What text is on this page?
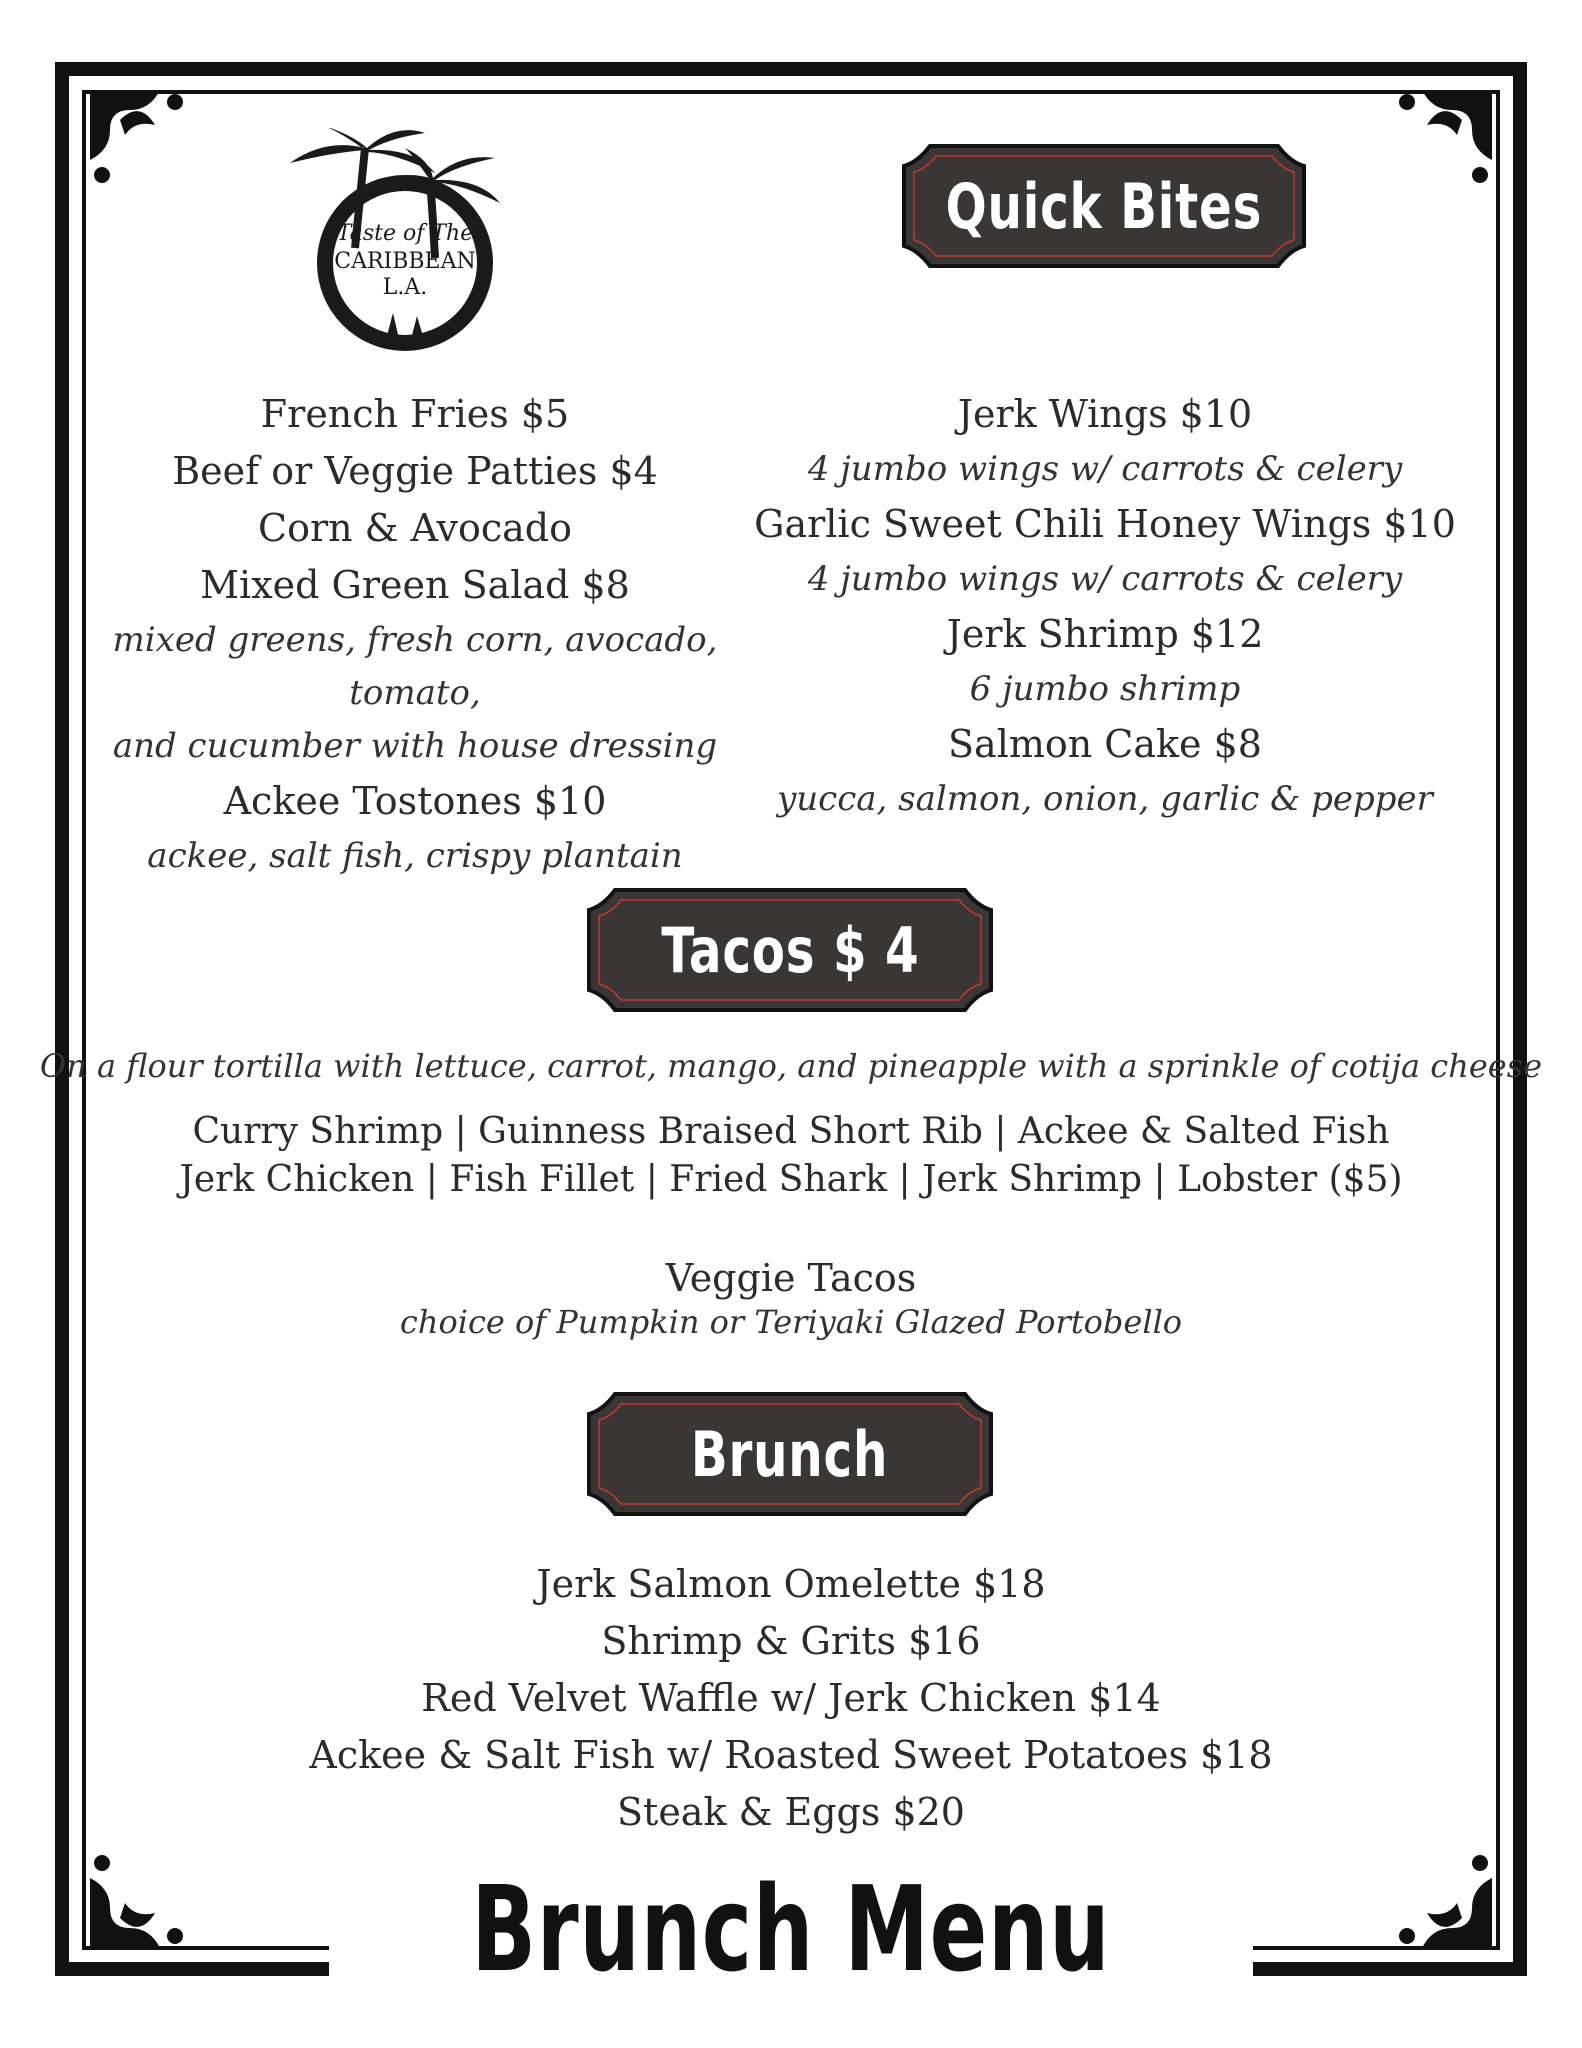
Taste of The
CARIBBEAN
L.A.
Quick Bites
French Fries $5
Beef or Veggie Patties $4
Corn & Avocado
Mixed Green Salad $8
mixed greens, fresh corn, avocado, tomato,
and cucumber with house dressing
Ackee Tostones $10
ackee, salt fish, crispy plantain
Jerk Wings $10
4 jumbo wings w/ carrots & celery
Garlic Sweet Chili Honey Wings $10
4 jumbo wings w/ carrots & celery
Jerk Shrimp $12
6 jumbo shrimp
Salmon Cake $8
yucca, salmon, onion, garlic & pepper
Tacos $ 4
On a flour tortilla with lettuce, carrot, mango, and pineapple with a sprinkle of cotija cheese
Curry Shrimp | Guinness Braised Short Rib | Ackee & Salted Fish
Jerk Chicken | Fish Fillet | Fried Shark | Jerk Shrimp | Lobster ($5)
Veggie Tacos
choice of Pumpkin or Teriyaki Glazed Portobello
Brunch
Jerk Salmon Omelette $18
Shrimp & Grits $16
Red Velvet Waffle w/ Jerk Chicken $14
Ackee & Salt Fish w/ Roasted Sweet Potatoes $18
Steak & Eggs $20
Brunch Menu
